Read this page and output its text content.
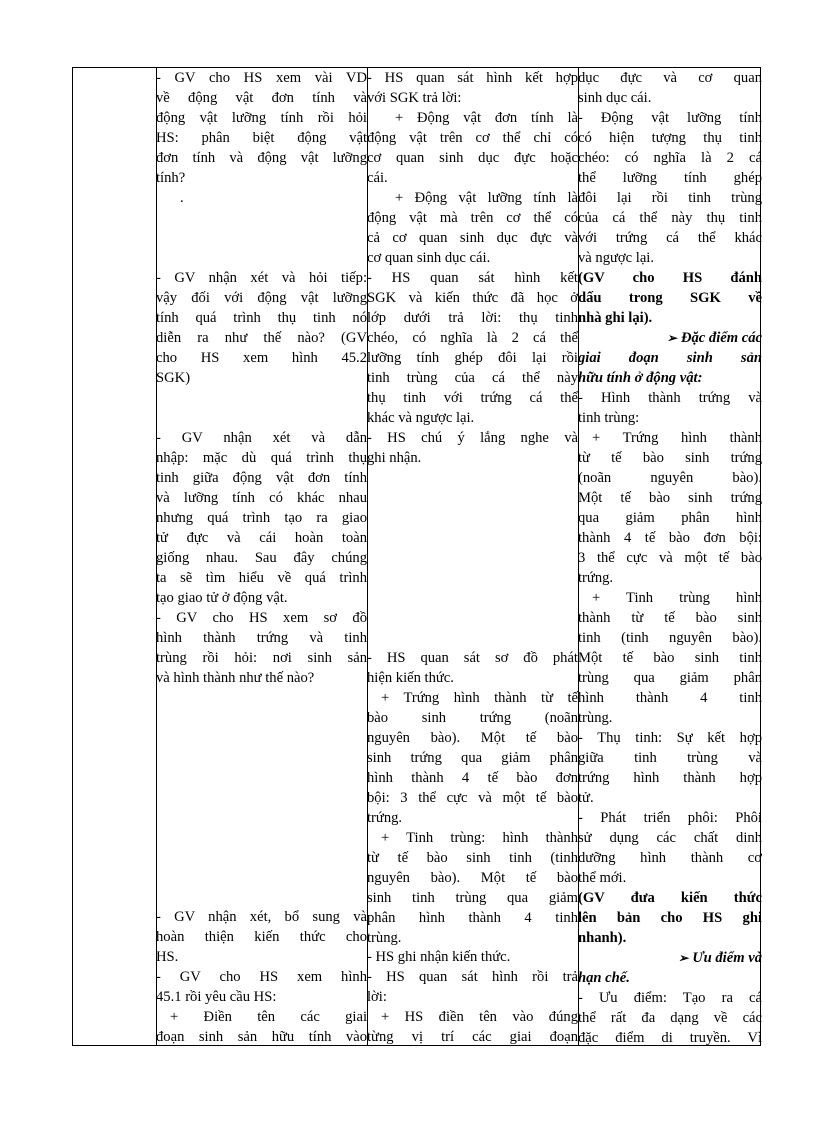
- GV cho HS xem vài VD
về động vật đơn tính và
động vật lưỡng tính rồi hỏi
HS: phân biệt động vật
đơn tính và động vật lưỡng
tính?
.
- GV nhận xét và hỏi tiếp:
vậy đối với động vật lưỡng
tính quá trình thụ tinh nó
diễn ra như thế nào? (GV
cho HS xem hình 45.2
SGK)
- GV nhận xét và dẫn
nhập: mặc dù quá trình thụ
tinh giữa động vật đơn tính
và lưỡng tính có khác nhau
nhưng quá trình tạo ra giao
tử đực và cái hoàn toàn
giống nhau. Sau đây chúng
ta sẽ tìm hiểu về quá trình
tạo giao tử ở động vật.
- GV cho HS xem sơ đồ
hình thành trứng và tinh
trùng rồi hỏi: nơi sinh sản
và hình thành như thế nào?
- GV nhận xét, bổ sung và
hoàn thiện kiến thức cho
HS.
- GV cho HS xem hình
45.1 rồi yêu cầu HS:
+ Điền tên các giai
đoạn sinh sản hữu tính vào
- HS quan sát hình kết hợp
với SGK trả lời:
+ Động vật đơn tính là
động vật trên cơ thể chỉ có
cơ quan sinh dục đực hoặc
cái.
+ Động vật lưỡng tính là
động vật mà trên cơ thể có
cả cơ quan sinh dục đực và
cơ quan sinh dục cái.
- HS quan sát hình kết
SGK và kiến thức đã học ở
lớp dưới trả lời: thụ tinh
chéo, có nghĩa là 2 cá thể
lưỡng tính ghép đôi lại rồi
tinh trùng của cá thể này
thụ tinh với trứng cá thể
khác và ngược lại.
- HS chú ý lắng nghe và
ghi nhận.
- HS quan sát sơ đồ phát
hiện kiến thức.
+ Trứng hình thành từ tế
bào sinh trứng (noãn
nguyên bào). Một tế bào
sinh trứng qua giảm phân
hình thành 4 tế bào đơn
bội: 3 thể cực và một tế bào
trứng.
+ Tinh trùng: hình thành
từ tế bào sinh tinh (tinh
nguyên bào). Một tế bào
sinh tinh trùng qua giảm
phân hình thành 4 tinh
trùng.
- HS ghi nhận kiến thức.
- HS quan sát hình rồi trả
lời:
+ HS điền tên vào đúng
từng vị trí các giai đoạn
dục đực và cơ quan
sinh dục cái.
- Động vật lưỡng tính
có hiện tượng thụ tinh
chéo: có nghĩa là 2 cá
thể lưỡng tính ghép
đôi lại rồi tinh trùng
của cá thể này thụ tinh
với trứng cá thể khác
và ngược lại.
(GV cho HS đánh
dấu trong SGK về
nhà ghi lại).
➢ Đặc điểm các
giai đoạn sinh sản
hữu tính ở động vật:
- Hình thành trứng và
tinh trùng:
+ Trứng hình thành
từ tế bào sinh trứng
(noãn nguyên bào).
Một tế bào sinh trứng
qua giảm phân hình
thành 4 tế bào đơn bội:
3 thể cực và một tế bào
trứng.
+ Tinh trùng hình
thành từ tế bào sinh
tinh (tinh nguyên bào).
Một tế bào sinh tinh
trùng qua giảm phân
hình thành 4 tinh
trùng.
- Thụ tinh: Sự kết hợp
giữa tinh trùng và
trứng hình thành hợp
tử.
- Phát triển phôi: Phôi
sử dụng các chất dinh
dưỡng hình thành cơ
thể mới.
(GV đưa kiến thức
lên bản cho HS ghi
nhanh).
➢ Ưu điểm và
hạn chế.
- Ưu điểm: Tạo ra cá
thể rất đa dạng về các
đặc điểm di truyền. Vì
